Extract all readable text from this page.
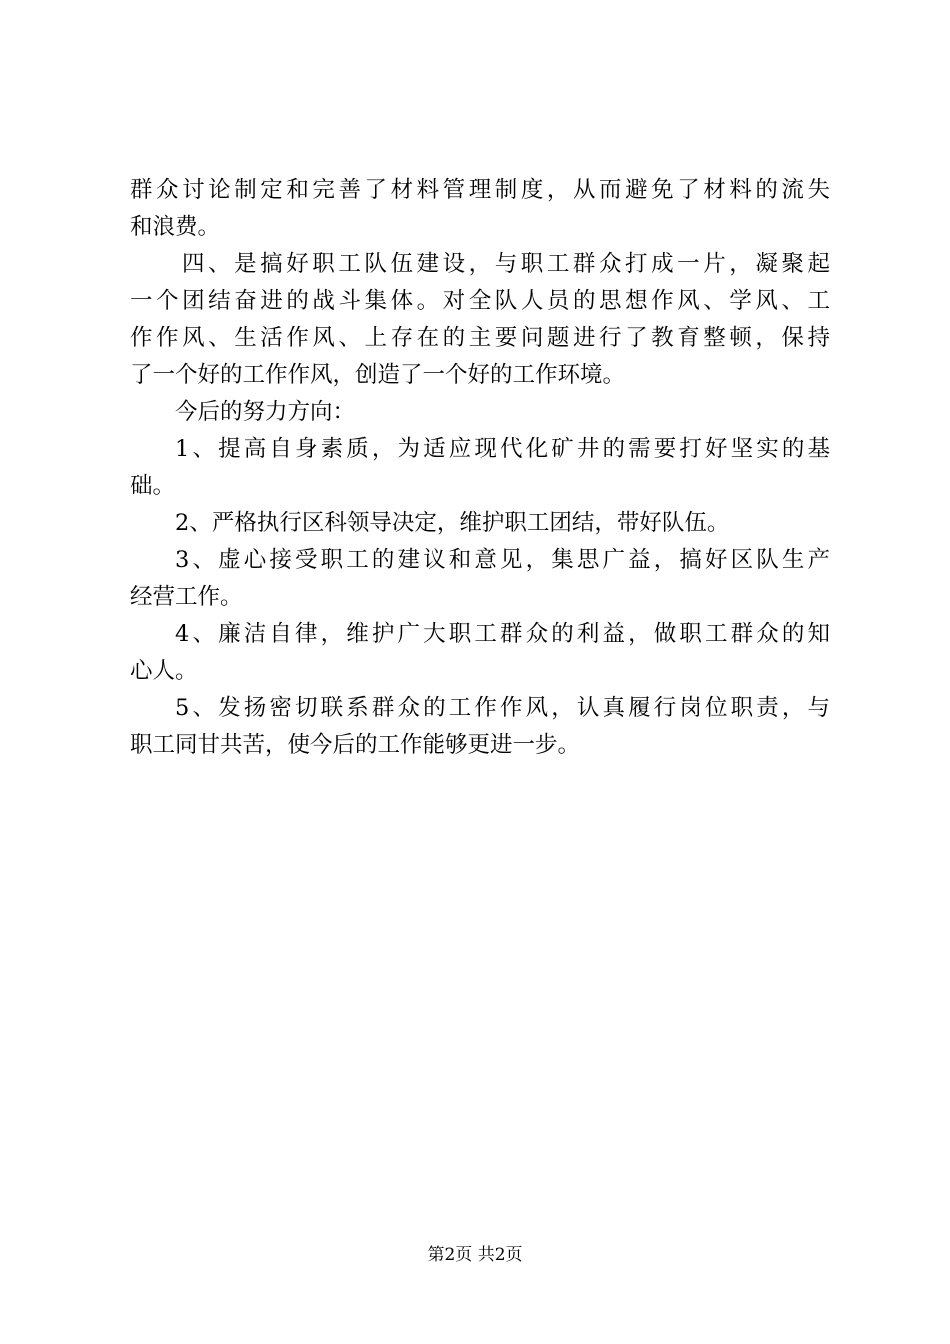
群众讨论制定和完善了材料管理制度，从而避免了材料的流失
和浪费。
四、是搞好职工队伍建设，与职工群众打成一片，凝聚起
一个团结奋进的战斗集体。对全队人员的思想作风、学风、工
作作风、生活作风、上存在的主要问题进行了教育整顿，保持
了一个好的工作作风，创造了一个好的工作环境。
今后的努力方向：
1、提高自身素质，为适应现代化矿井的需要打好坚实的基
础。
2、严格执行区科领导决定，维护职工团结，带好队伍。
3、虚心接受职工的建议和意见，集思广益，搞好区队生产
经营工作。
4、廉洁自律，维护广大职工群众的利益，做职工群众的知
心人。
5、发扬密切联系群众的工作作风，认真履行岗位职责，与
职工同甘共苦，使今后的工作能够更进一步。
第2页 共2页
